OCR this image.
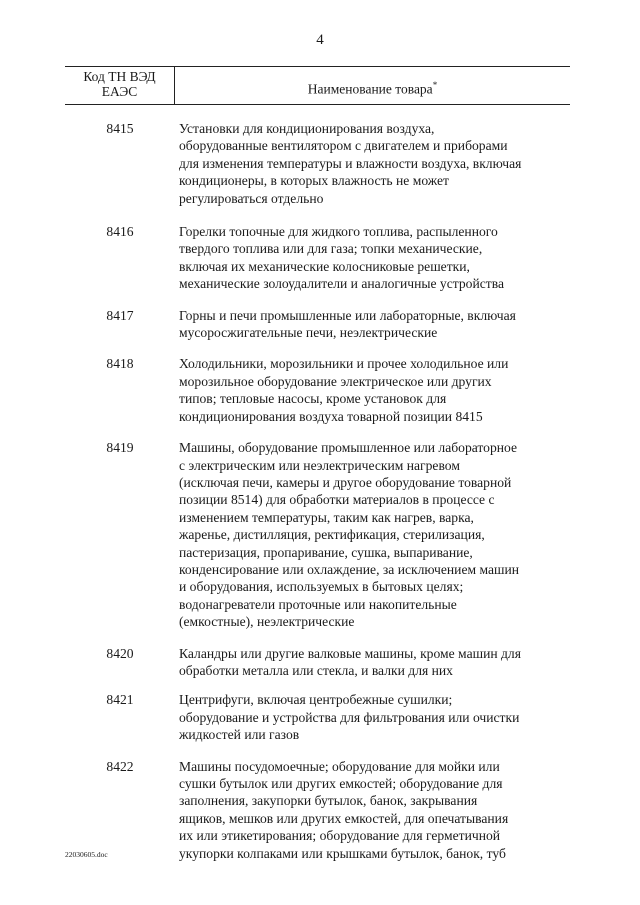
4
Код ТН ВЭД
ЕАЭС	Наименование товара*
8415	Установки для кондиционирования воздуха,
оборудованные вентилятором с двигателем и приборами
для изменения температуры и влажности воздуха, включая
кондиционеры, в которых влажность не может
регулироваться отдельно
8416	Горелки топочные для жидкого топлива, распыленного
твердого топлива или для газа; топки механические,
включая их механические колосниковые решетки,
механические золоудалители и аналогичные устройства
8417	Горны и печи промышленные или лабораторные, включая
мусоросжигательные печи, неэлектрические
8418	Холодильники, морозильники и прочее холодильное или
морозильное оборудование электрическое или других
типов; тепловые насосы, кроме установок для
кондиционирования воздуха товарной позиции 8415
8419	Машины, оборудование промышленное или лабораторное
с электрическим или неэлектрическим нагревом
(исключая печи, камеры и другое оборудование товарной
позиции 8514) для обработки материалов в процессе с
изменением температуры, таким как нагрев, варка,
жаренье, дистилляция, ректификация, стерилизация,
пастеризация, пропаривание, сушка, выпаривание,
конденсирование или охлаждение, за исключением машин
и оборудования, используемых в бытовых целях;
водонагреватели проточные или накопительные
(емкостные), неэлектрические
8420	Каландры или другие валковые машины, кроме машин для
обработки металла или стекла, и валки для них
8421	Центрифуги, включая центробежные сушилки;
оборудование и устройства для фильтрования или очистки
жидкостей или газов
8422	Машины посудомоечные; оборудование для мойки или
сушки бутылок или других емкостей; оборудование для
заполнения, закупорки бутылок, банок, закрывания
ящиков, мешков или других емкостей, для опечатывания
их или этикетирования; оборудование для герметичной
укупорки колпаками или крышками бутылок, банок, туб
22030605.doc
